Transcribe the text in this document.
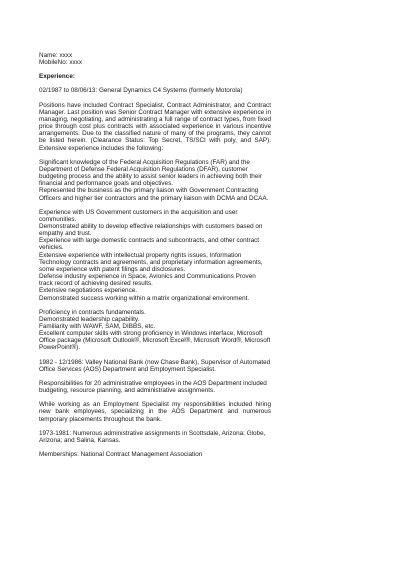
Name: xxxx

MobileNo: xxxx

Experience:

02/1987 to 08/06/13: General Dynamics C4 Systems (formerly Motorola)

Positions have included Contract Specialist, Contract Administrator, and Contract Manager. Last position was Senior Contract Manager with extensive experience in managing, negotiating, and administrating a full range of contract types, from fixed price through cost plus contracts with associated experience in various incentive arrangements. Due to the classified nature of many of the programs, they cannot be listed herein. (Clearance Status: Top Secret, TS/SCI with poly, and SAP). Extensive experience includes the following:

Significant knowledge of the Federal Acquisition Regulations (FAR) and the Department of Defense Federal Acquisition Regulations (DFAR), customer budgeting process and the ability to assist senior leaders in achieving both their financial and performance goals and objectives.
Represented the business as the primary liaison with Government Contracting Officers and higher tier contractors and the primary liaison with DCMA and DCAA.

Experience with US Government customers in the acquisition and user communities.
Demonstrated ability to develop effective relationships with customers based on empathy and trust.
Experience with large domestic contracts and subcontracts, and other contract vehicles.
Extensive experience with intellectual property rights issues, Information Technology contracts and agreements, and proprietary information agreements, some experience with patent filings and disclosures.
Defense industry experience in Space, Avionics and Communications Proven track record of achieving desired results.
Extensive negotiations experience.
Demonstrated success working within a matrix organizational environment.

Proficiency in contracts fundamentals.
Demonstrated leadership capability.
Familiarity with WAWF, SAM, DIBBS, etc.
Excellent computer skills with strong proficiency in Windows interface, Microsoft Office package (Microsoft Outlook®, Microsoft Excel®, Microsoft Word®, Microsoft PowerPoint®).

1982 - 12/1986: Valley National Bank (now Chase Bank), Supervisor of Automated Office Services (AOS) Department and Employment Specialist.

Responsibilities for 20 administrative employees in the AOS Department included budgeting, resource planning, and administrative assignments.

While working as an Employment Specialist my responsibilities included hiring new bank employees, specializing in the AOS Department and numerous temporary placements throughout the bank.

1973-1981: Numerous administrative assignments in Scottsdale, Arizona; Globe, Arizona; and Salina, Kansas.

Memberships: National Contract Management Association
